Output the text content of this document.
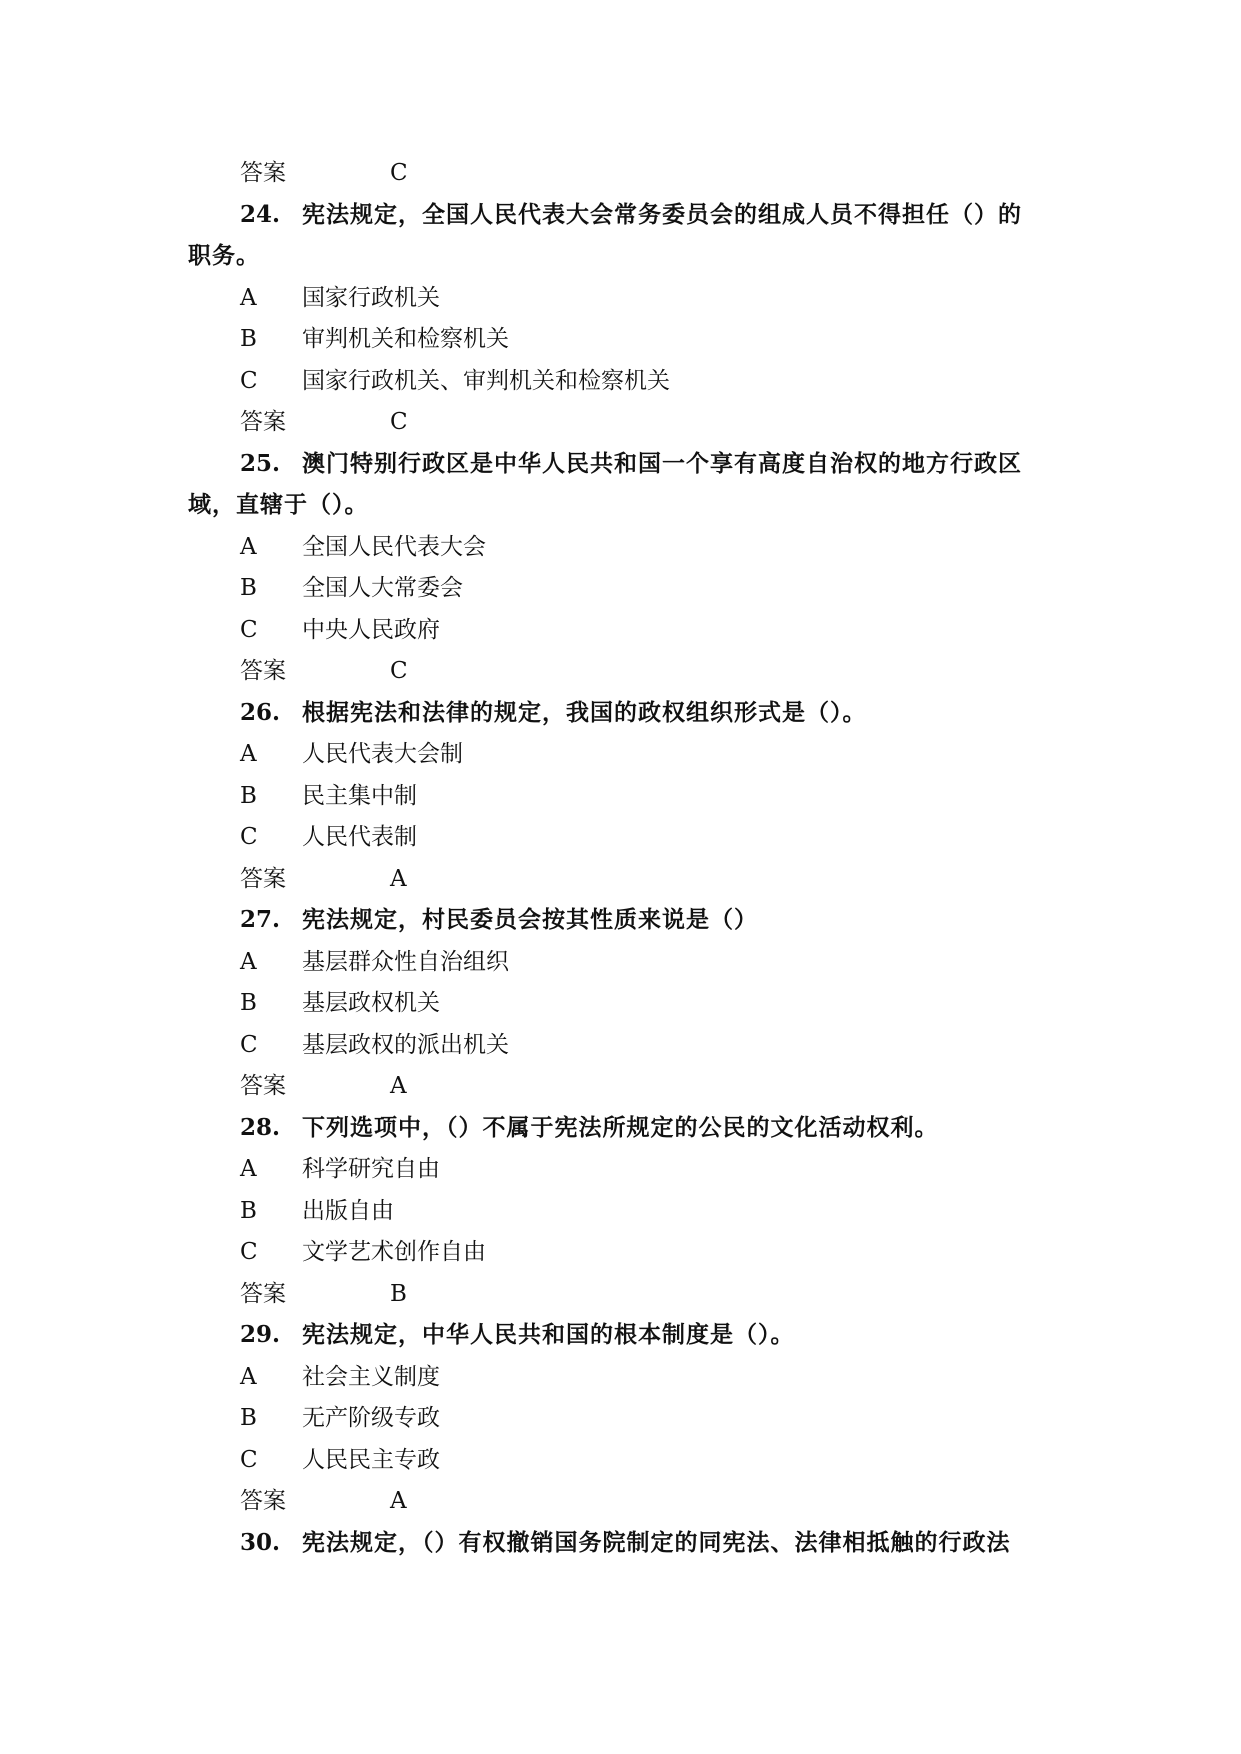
答案	C
24. 宪法规定，全国人民代表大会常务委员会的组成人员不得担任（）的
职务。
A 国家行政机关
B 审判机关和检察机关
C 国家行政机关、审判机关和检察机关
答案	C
25. 澳门特别行政区是中华人民共和国一个享有高度自治权的地方行政区
域，直辖于（）。
A 全国人民代表大会
B 全国人大常委会
C 中央人民政府
答案	C
26. 根据宪法和法律的规定，我国的政权组织形式是（）。
A 人民代表大会制
B 民主集中制
C 人民代表制
答案	A
27. 宪法规定，村民委员会按其性质来说是（）
A 基层群众性自治组织
B 基层政权机关
C 基层政权的派出机关
答案	A
28. 下列选项中，（）不属于宪法所规定的公民的文化活动权利。
A 科学研究自由
B 出版自由
C 文学艺术创作自由
答案	B
29. 宪法规定，中华人民共和国的根本制度是（）。
A 社会主义制度
B 无产阶级专政
C 人民民主专政
答案	A
30. 宪法规定，（）有权撤销国务院制定的同宪法、法律相抵触的行政法
